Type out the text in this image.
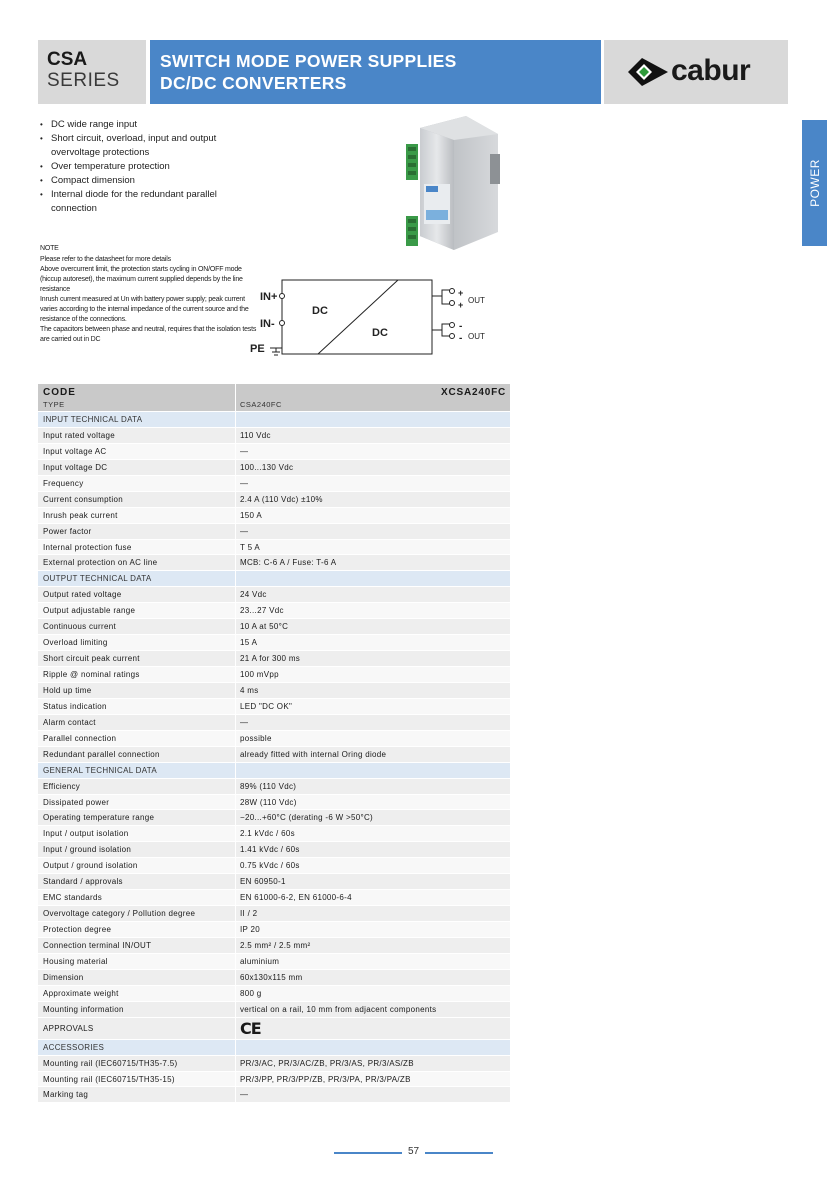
CSA
SERIES
SWITCH MODE POWER SUPPLIES
DC/DC CONVERTERS	cabur
POWER
• DC wide range input
• Short circuit, overload, input and output overvoltage protections
• Over temperature protection
• Compact dimension
• Internal diode for the redundant parallel connection
NOTE
Please refer to the datasheet for more details
Above overcurrent limit, the protection starts cycling in ON/OFF mode (hiccup autoreset), the maximum current supplied depends by the line resistance
Inrush current measured at Un with battery power supply; peak current varies according to the internal impedance of the current source and the resistance of the connections.
The capacitors between phase and neutral, requires that the isolation tests are carried out in DC
IN+
IN-
PE
DC
DC
+
+ OUT
-
- OUT
CODE
TYPE
XCSA240FC
CSA240FC
INPUT TECHNICAL DATA
Input rated voltage	110 Vdc
Input voltage AC	—
Input voltage DC	100...130 Vdc
Frequency	—
Current consumption	2.4 A (110 Vdc) ±10%
Inrush peak current	150 A
Power factor	—
Internal protection fuse	T 5 A
External protection on AC line	MCB: C-6 A / Fuse: T-6 A
OUTPUT TECHNICAL DATA
Output rated voltage	24 Vdc
Output adjustable range	23...27 Vdc
Continuous current	10 A at 50°C
Overload limiting	15 A
Short circuit peak current	21 A for 300 ms
Ripple @ nominal ratings	100 mVpp
Hold up time	4 ms
Status indication	LED "DC OK"
Alarm contact	—
Parallel connection	possible
Redundant parallel connection	already fitted with internal Oring diode
GENERAL TECHNICAL DATA
Efficiency	89% (110 Vdc)
Dissipated power	28W (110 Vdc)
Operating temperature range	−20...+60°C (derating -6 W >50°C)
Input / output isolation	2.1 kVdc / 60s
Input / ground isolation	1.41 kVdc / 60s
Output / ground isolation	0.75 kVdc / 60s
Standard / approvals	EN 60950-1
EMC standards	EN 61000-6-2, EN 61000-6-4
Overvoltage category / Pollution degree	II / 2
Protection degree	IP 20
Connection terminal IN/OUT	2.5 mm² / 2.5 mm²
Housing material	aluminium
Dimension	60x130x115 mm
Approximate weight	800 g
Mounting information	vertical on a rail, 10 mm from adjacent components
APPROVALS	CE
ACCESSORIES
Mounting rail (IEC60715/TH35-7.5)	PR/3/AC, PR/3/AC/ZB, PR/3/AS, PR/3/AS/ZB
Mounting rail (IEC60715/TH35-15)	PR/3/PP, PR/3/PP/ZB, PR/3/PA, PR/3/PA/ZB
Marking tag	—
57
